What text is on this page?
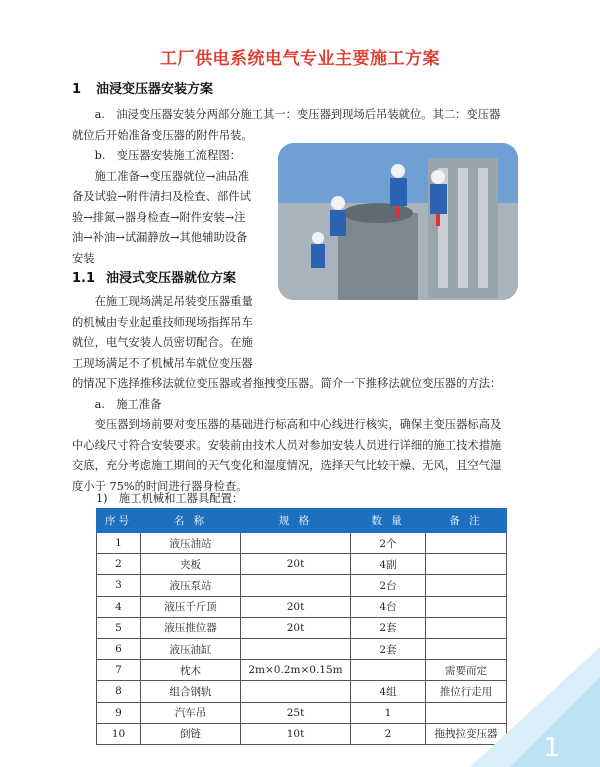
工厂供电系统电气专业主要施工方案
1 油浸变压器安装方案
　　a.　油浸变压器安装分两部分施工其一：变压器到现场后吊装就位。其二：变压器
就位后开始准备变压器的附件吊装。
　　b.　变压器安装施工流程图：
　　施工准备→变压器就位→油品准
备及试验→附件清扫及检查、部件试
验→排氮→器身检查→附件安装→注
油→补油→试漏静放→其他辅助设备
安装
1.1 油浸式变压器就位方案
　　在施工现场满足吊装变压器重量
的机械由专业起重技师现场指挥吊车
就位，电气安装人员密切配合。在施
工现场满足不了机械吊车就位变压器
的情况下选择推移法就位变压器或者拖拽变压器。简介一下推移法就位变压器的方法：
　　a.　施工准备
　　变压器到场前要对变压器的基础进行标高和中心线进行核实，确保主变压器标高及
中心线尺寸符合安装要求。安装前由技术人员对参加安装人员进行详细的施工技术措施
交底，充分考虑施工期间的天气变化和湿度情况，选择天气比较干燥、无风，且空气湿
度小于 75%的时间进行器身检查。
1)　施工机械和工器具配置：
序号	名 称	规 格	数 量	备 注
1	液压油站		2个	
2	夹板	20t	4副	
3	液压泵站		2台	
4	液压千斤顶	20t	4台	
5	液压推位器	20t	2套	
6	液压油缸		2套	
7	枕木	2m×0.2m×0.15m		需要而定
8	组合钢轨		4组	推位行走用
9	汽车吊	25t	1	
10	倒链	10t	2	拖拽拉变压器 1
